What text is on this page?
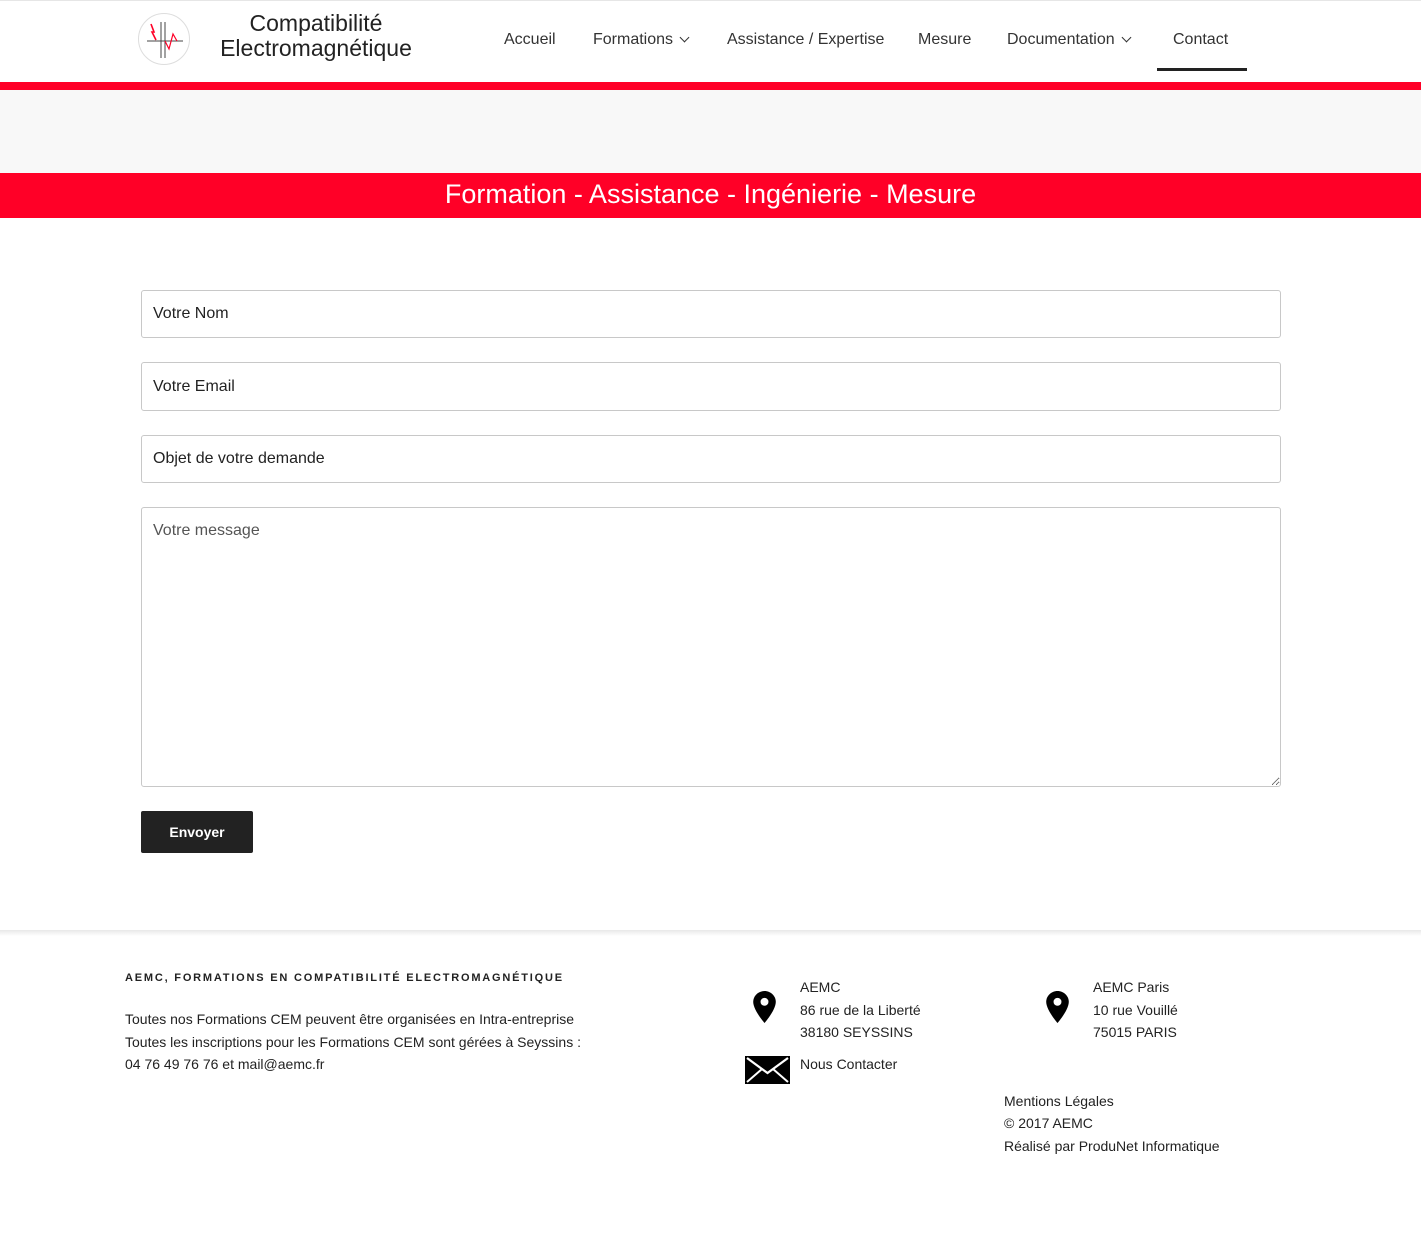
Compatibilité
Electromagnétique	Accueil Formations	Assistance / Expertise Mesure Documentation	Contact
Formation - Assistance - Ingénierie - Mesure
Votre Nom
Votre Email
Objet de votre demande
Votre message
Envoyer
AEMC, FORMATIONS EN COMPATIBILITÉ ELECTROMAGNÉTIQUE
Toutes nos Formations CEM peuvent être organisées en Intra-entreprise
Toutes les inscriptions pour les Formations CEM sont gérées à Seyssins :
04 76 49 76 76 et mail@aemc.fr
AEMC
86 rue de la Liberté
38180 SEYSSINS
AEMC Paris
10 rue Vouillé
75015 PARIS
Nous Contacter
Mentions Légales
© 2017 AEMC
Réalisé par ProduNet Informatique
